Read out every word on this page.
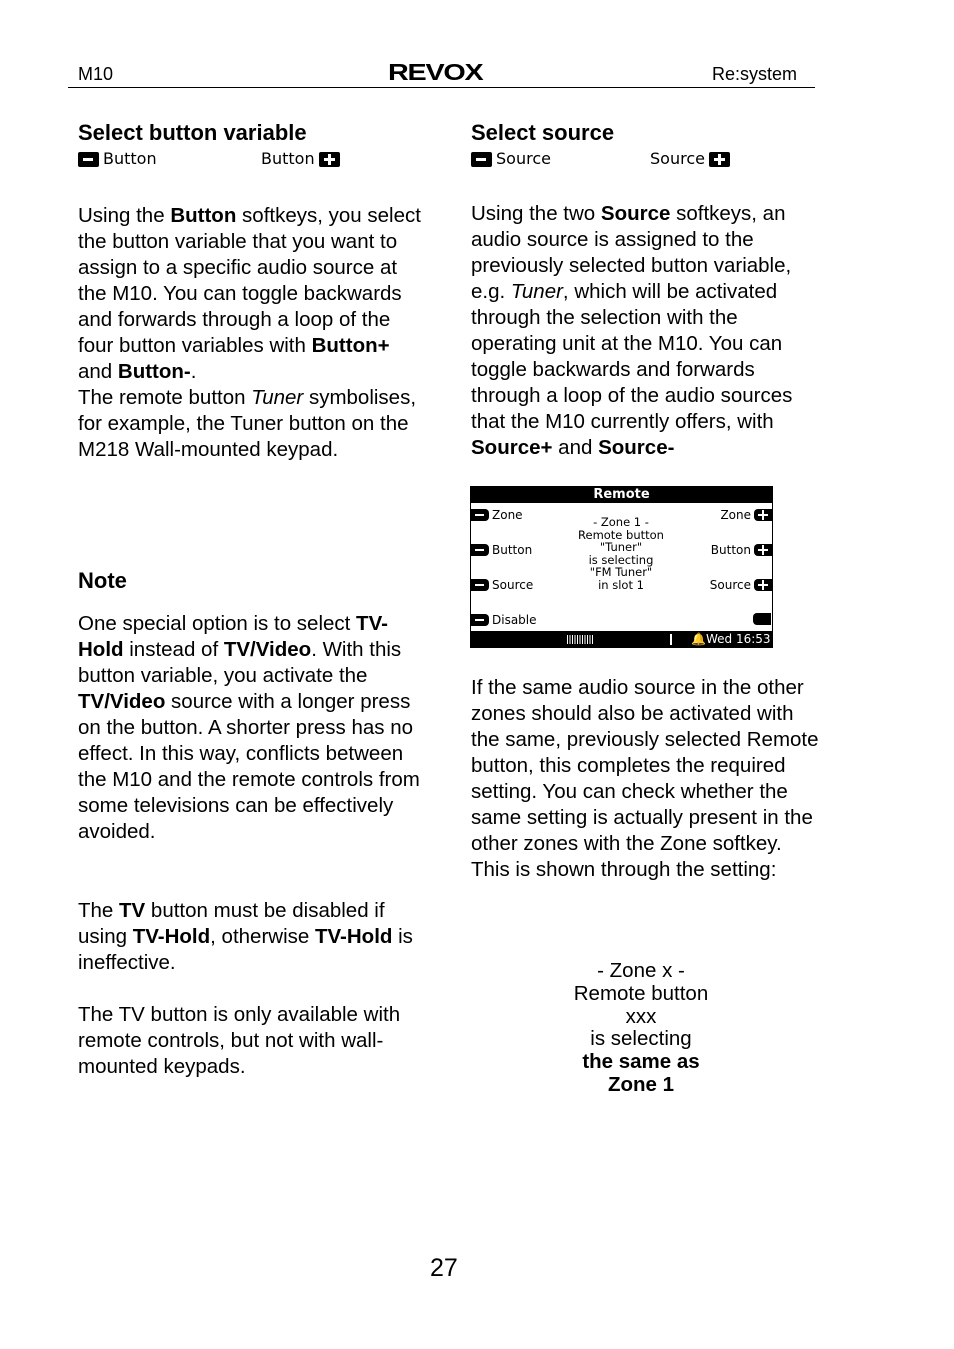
M10	REVOX	Re:system
Select button variable
Button	Button

Using the Button softkeys, you select the button variable that you want to assign to a specific audio source at the M10. You can toggle backwards and forwards through a loop of the four button variables with Button+ and Button-.

The remote button Tuner symbolises, for example, the Tuner button on the M218 Wall-mounted keypad.

Note

One special option is to select TV-Hold instead of TV/Video. With this button variable, you activate the TV/Video source with a longer press on the button. A shorter press has no effect. In this way, conflicts between the M10 and the remote controls from some televisions can be effectively avoided.

The TV button must be disabled if using TV-Hold, otherwise TV-Hold is ineffective.

The TV button is only available with remote controls, but not with wall-mounted keypads.

Select source
Source	Source

Using the two Source softkeys, an audio source is assigned to the previously selected button variable, e.g. Tuner, which will be activated through the selection with the operating unit at the M10. You can toggle backwards and forwards through a loop of the audio sources that the M10 currently offers, with Source+ and Source-

Remote
Zone
Button
Source
Disable
Zone
Button
Source
- Zone 1 -
Remote button
"Tuner"
is selecting
"FM Tuner"
in slot 1
🔔 Wed 16:53

If the same audio source in the other zones should also be activated with the same, previously selected Remote button, this completes the required setting. You can check whether the same setting is actually present in the other zones with the Zone softkey. This is shown through the setting:

- Zone x -
Remote button
xxx
is selecting
the same as
Zone 1
27
